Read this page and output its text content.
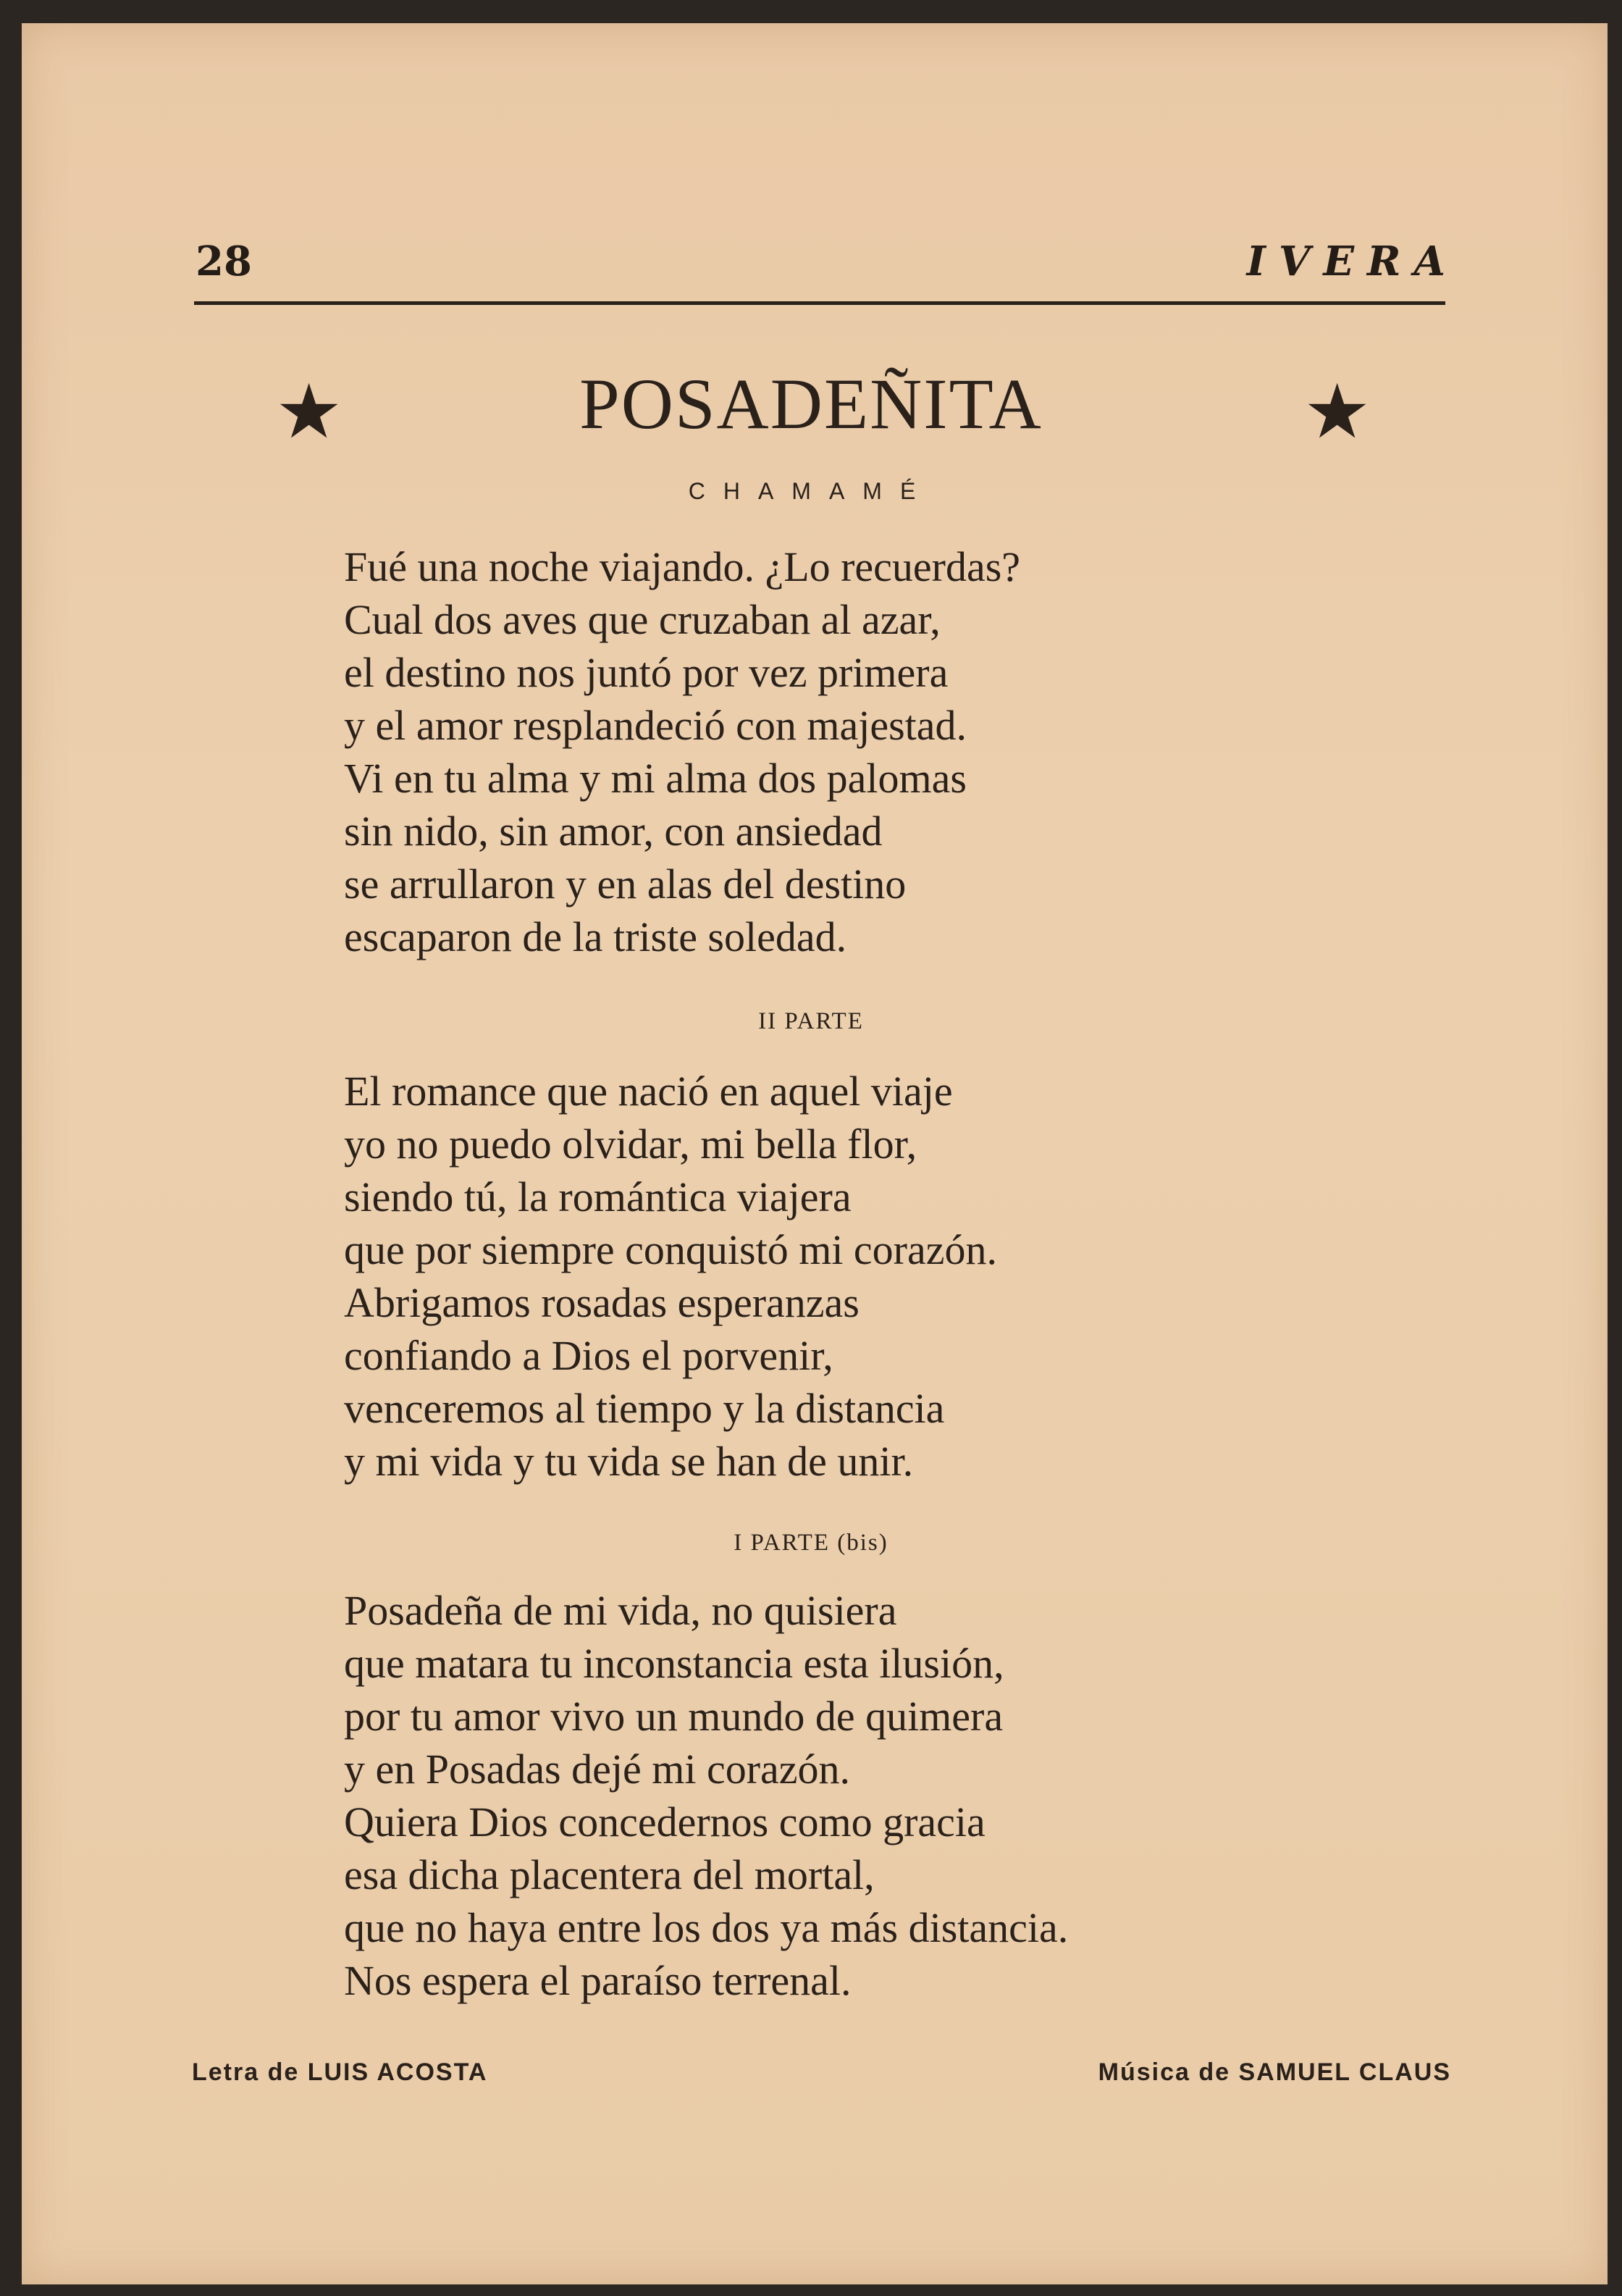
28	IVERA
★	POSADEÑITA	★
CHAMAMÉ
Fué una noche viajando. ¿Lo recuerdas?
Cual dos aves que cruzaban al azar,
el destino nos juntó por vez primera
y el amor resplandeció con majestad.
Vi en tu alma y mi alma dos palomas
sin nido, sin amor, con ansiedad
se arrullaron y en alas del destino
escaparon de la triste soledad.
II PARTE
El romance que nació en aquel viaje
yo no puedo olvidar, mi bella flor,
siendo tú, la romántica viajera
que por siempre conquistó mi corazón.
Abrigamos rosadas esperanzas
confiando a Dios el porvenir,
venceremos al tiempo y la distancia
y mi vida y tu vida se han de unir.
I PARTE (bis)
Posadeña de mi vida, no quisiera
que matara tu inconstancia esta ilusión,
por tu amor vivo un mundo de quimera
y en Posadas dejé mi corazón.
Quiera Dios concedernos como gracia
esa dicha placentera del mortal,
que no haya entre los dos ya más distancia.
Nos espera el paraíso terrenal.
Letra de LUIS ACOSTA	Música de SAMUEL CLAUS
